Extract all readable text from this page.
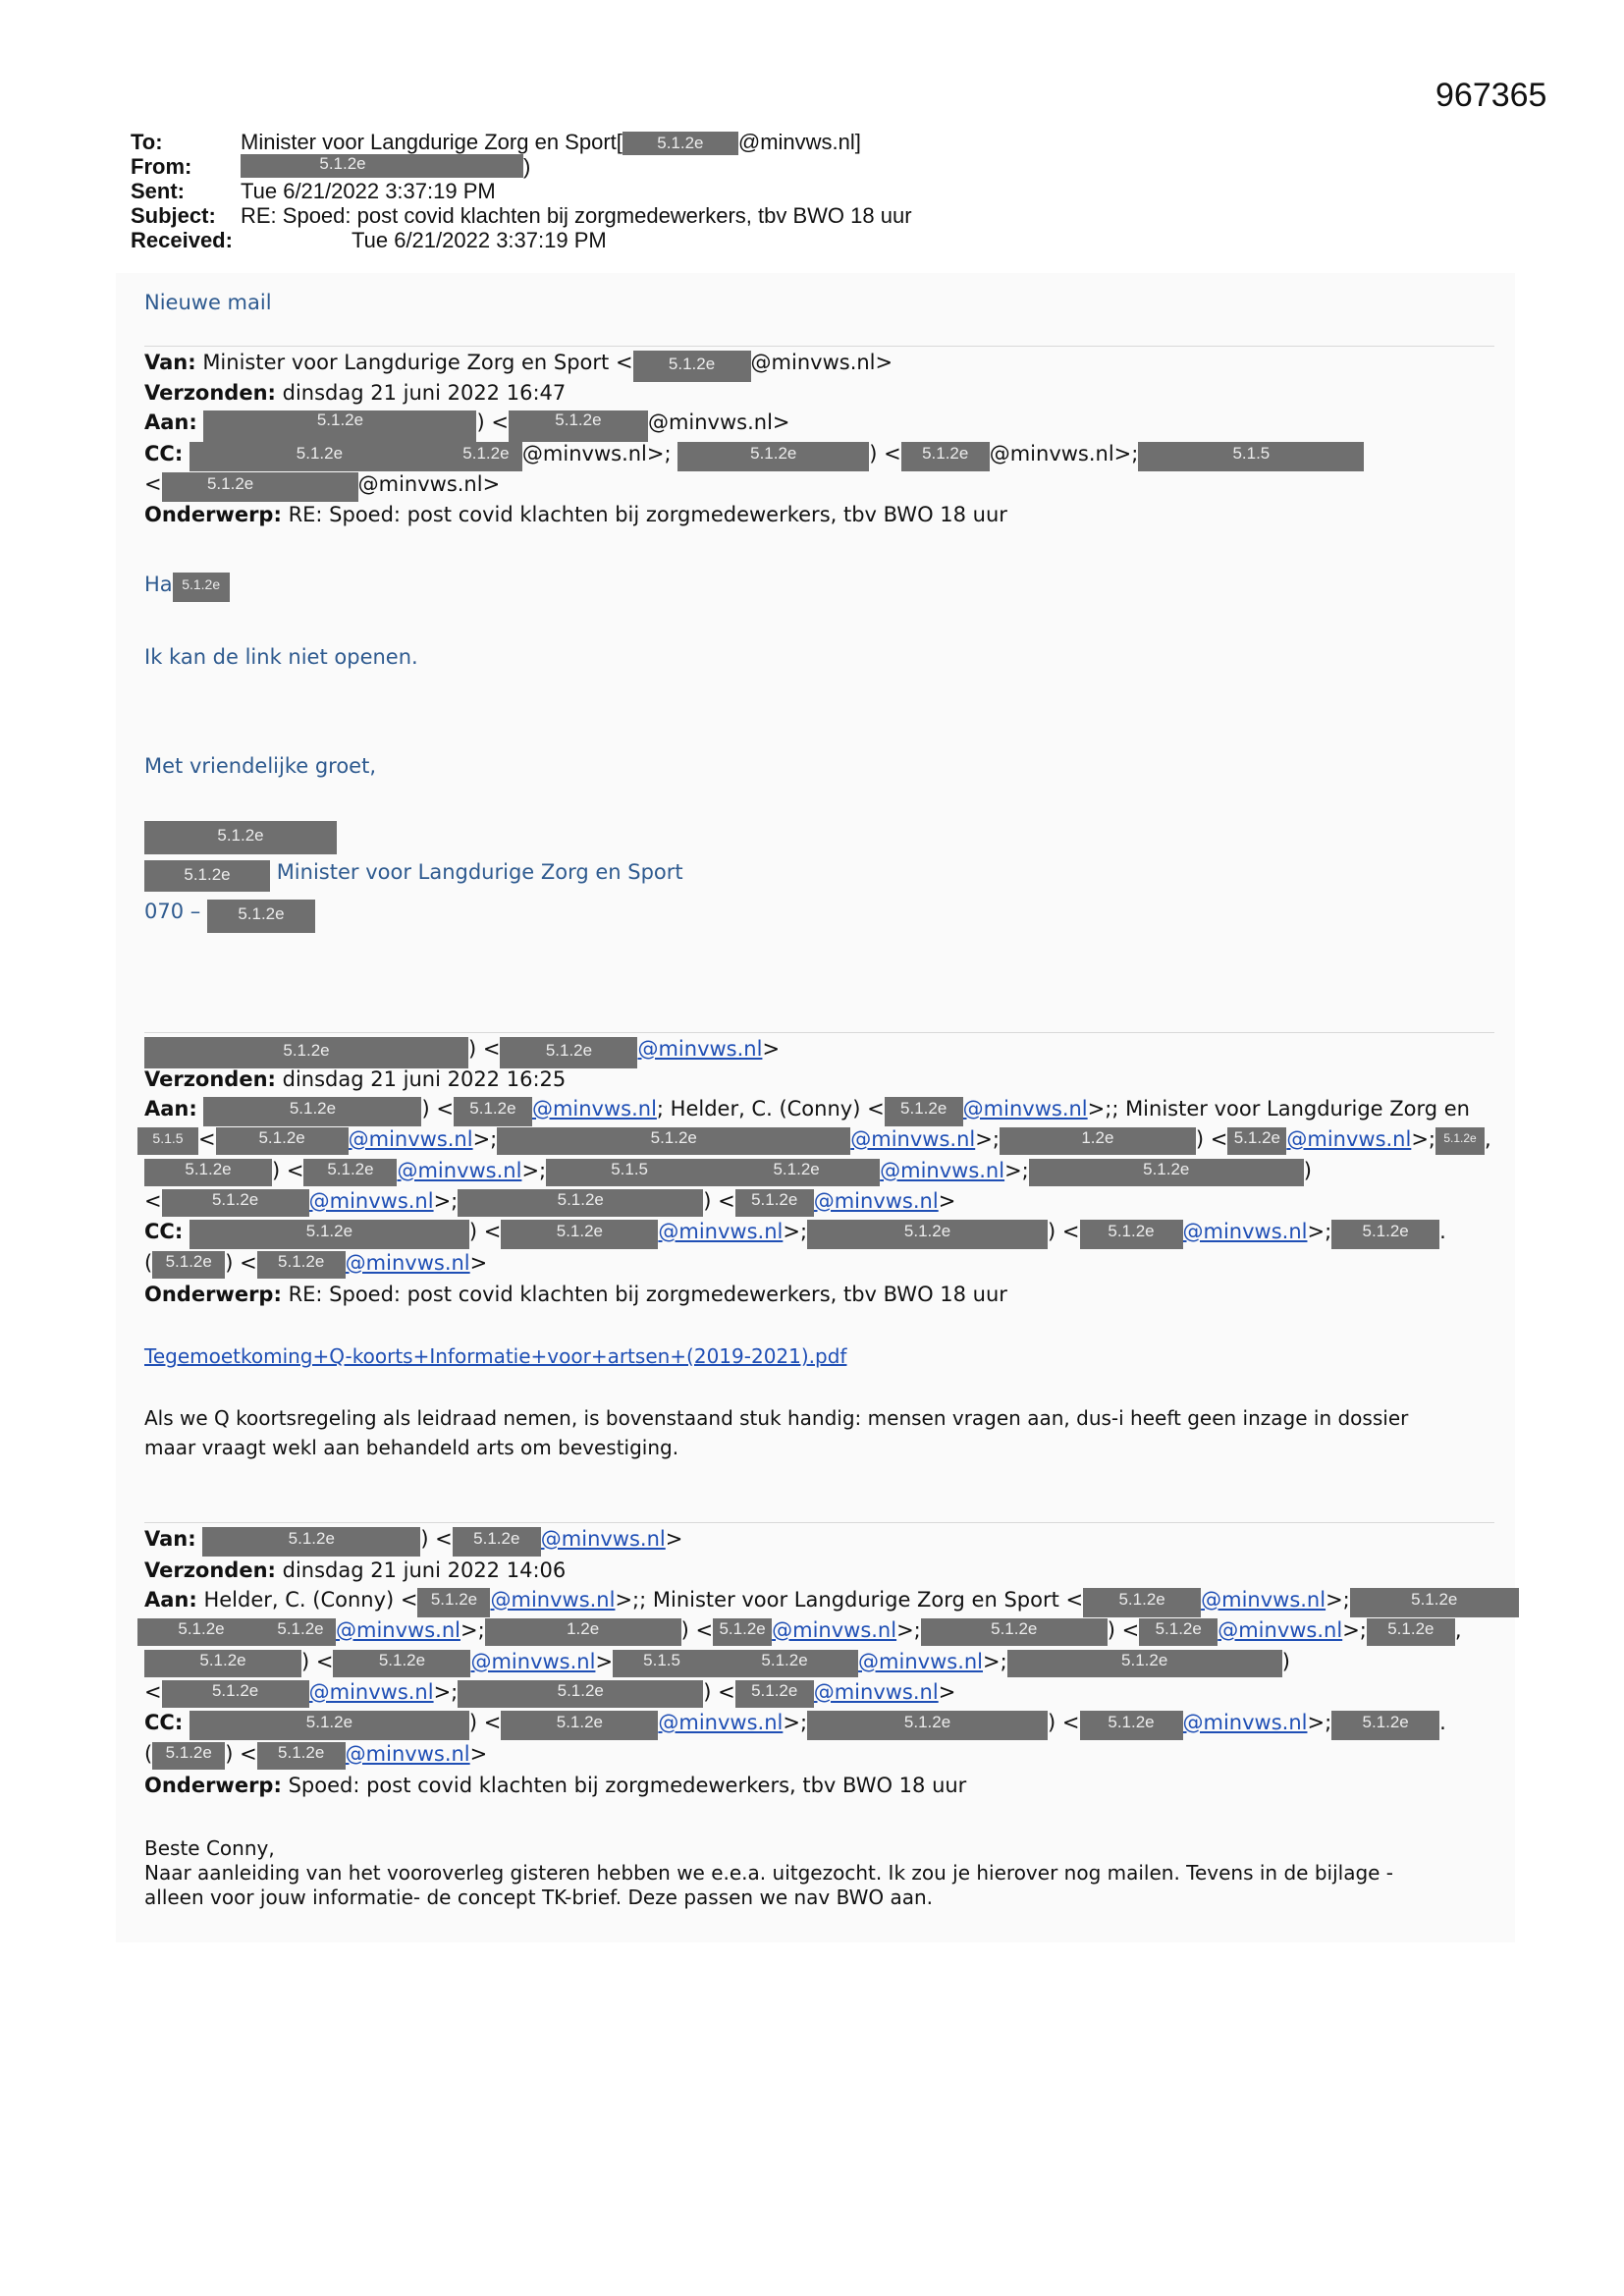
967365
To:	Minister voor Langdurige Zorg en Sport[ 5.1.2e @minvws.nl]
From:	5.1.2e	)
Sent:	Tue 6/21/2022 3:37:19 PM
Subject: RE: Spoed: post covid klachten bij zorgmedewerkers, tbv BWO 18 uur
Received:	Tue 6/21/2022 3:37:19 PM
Nieuwe mail
Van: Minister voor Langdurige Zorg en Sport < 5.1.2e @minvws.nl>
Verzonden: dinsdag 21 juni 2022 16:47
Aan:	5.1.2e	) <	5.1.2e @minvws.nl>
CC:	5.1.2e	5.1.2e @minvws.nl>;	5.1.2e	) < 5.1.2e @minvws.nl>;	5.1.5
<	5.1.2e	@minvws.nl>
Onderwerp: RE: Spoed: post covid klachten bij zorgmedewerkers, tbv BWO 18 uur
Ha 5.1.2e
Ik kan de link niet openen.
Met vriendelijke groet,
5.1.2e
5.1.2e Minister voor Langdurige Zorg en Sport
070 – 5.1.2e
5.1.2e	) <	5.1.2e @minvws.nl>
Verzonden: dinsdag 21 juni 2022 16:25
Aan:	5.1.2e	) < 5.1.2e @minvws.nl; Helder, C. (Conny) < 5.1.2e @minvws.nl>;; Minister voor Langdurige Zorg en
5.1.5 <	5.1.2e @minvws.nl>;	5.1.2e	@minvws.nl>;	1.2e	) < 5.1.2e @minvws.nl>; 5.1.2e ,
5.1.2e ) < 5.1.2e @minvws.nl>;	5.1.5	5.1.2e	@minvws.nl>;	5.1.2e	)
<	5.1.2e @minvws.nl>;	5.1.2e	) < 5.1.2e @minvws.nl>
CC:	5.1.2e	) <	5.1.2e	@minvws.nl>;	5.1.2e	) < 5.1.2e @minvws.nl>; 5.1.2e .
( 5.1.2e ) < 5.1.2e @minvws.nl>
Onderwerp: RE: Spoed: post covid klachten bij zorgmedewerkers, tbv BWO 18 uur
Tegemoetkoming+Q-koorts+Informatie+voor+artsen+(2019-2021).pdf
Als we Q koortsregeling als leidraad nemen, is bovenstaand stuk handig: mensen vragen aan, dus-i heeft geen inzage in dossier
maar vraagt wekl aan behandeld arts om bevestiging.
Van:	5.1.2e	) < 5.1.2e @minvws.nl>
Verzonden: dinsdag 21 juni 2022 14:06
Aan: Helder, C. (Conny) < 5.1.2e @minvws.nl>;; Minister voor Langdurige Zorg en Sport < 5.1.2e @minvws.nl>;	5.1.2e
5.1.2e	5.1.2e @minvws.nl>;	1.2e	) < 5.1.2e @minvws.nl>;	5.1.2e	) < 5.1.2e @minvws.nl>; 5.1.2e ,
5.1.2e	) <	5.1.2e @minvws.nl> 5.1.5	5.1.2e @minvws.nl>;	5.1.2e	)
<	5.1.2e @minvws.nl>;	5.1.2e	) < 5.1.2e @minvws.nl>
CC:	5.1.2e	) <	5.1.2e	@minvws.nl>;	5.1.2e	) < 5.1.2e @minvws.nl>; 5.1.2e .
( 5.1.2e ) < 5.1.2e @minvws.nl>
Onderwerp: Spoed: post covid klachten bij zorgmedewerkers, tbv BWO 18 uur
Beste Conny,
Naar aanleiding van het vooroverleg gisteren hebben we e.e.a. uitgezocht. Ik zou je hierover nog mailen. Tevens in de bijlage -
alleen voor jouw informatie- de concept TK-brief. Deze passen we nav BWO aan.
